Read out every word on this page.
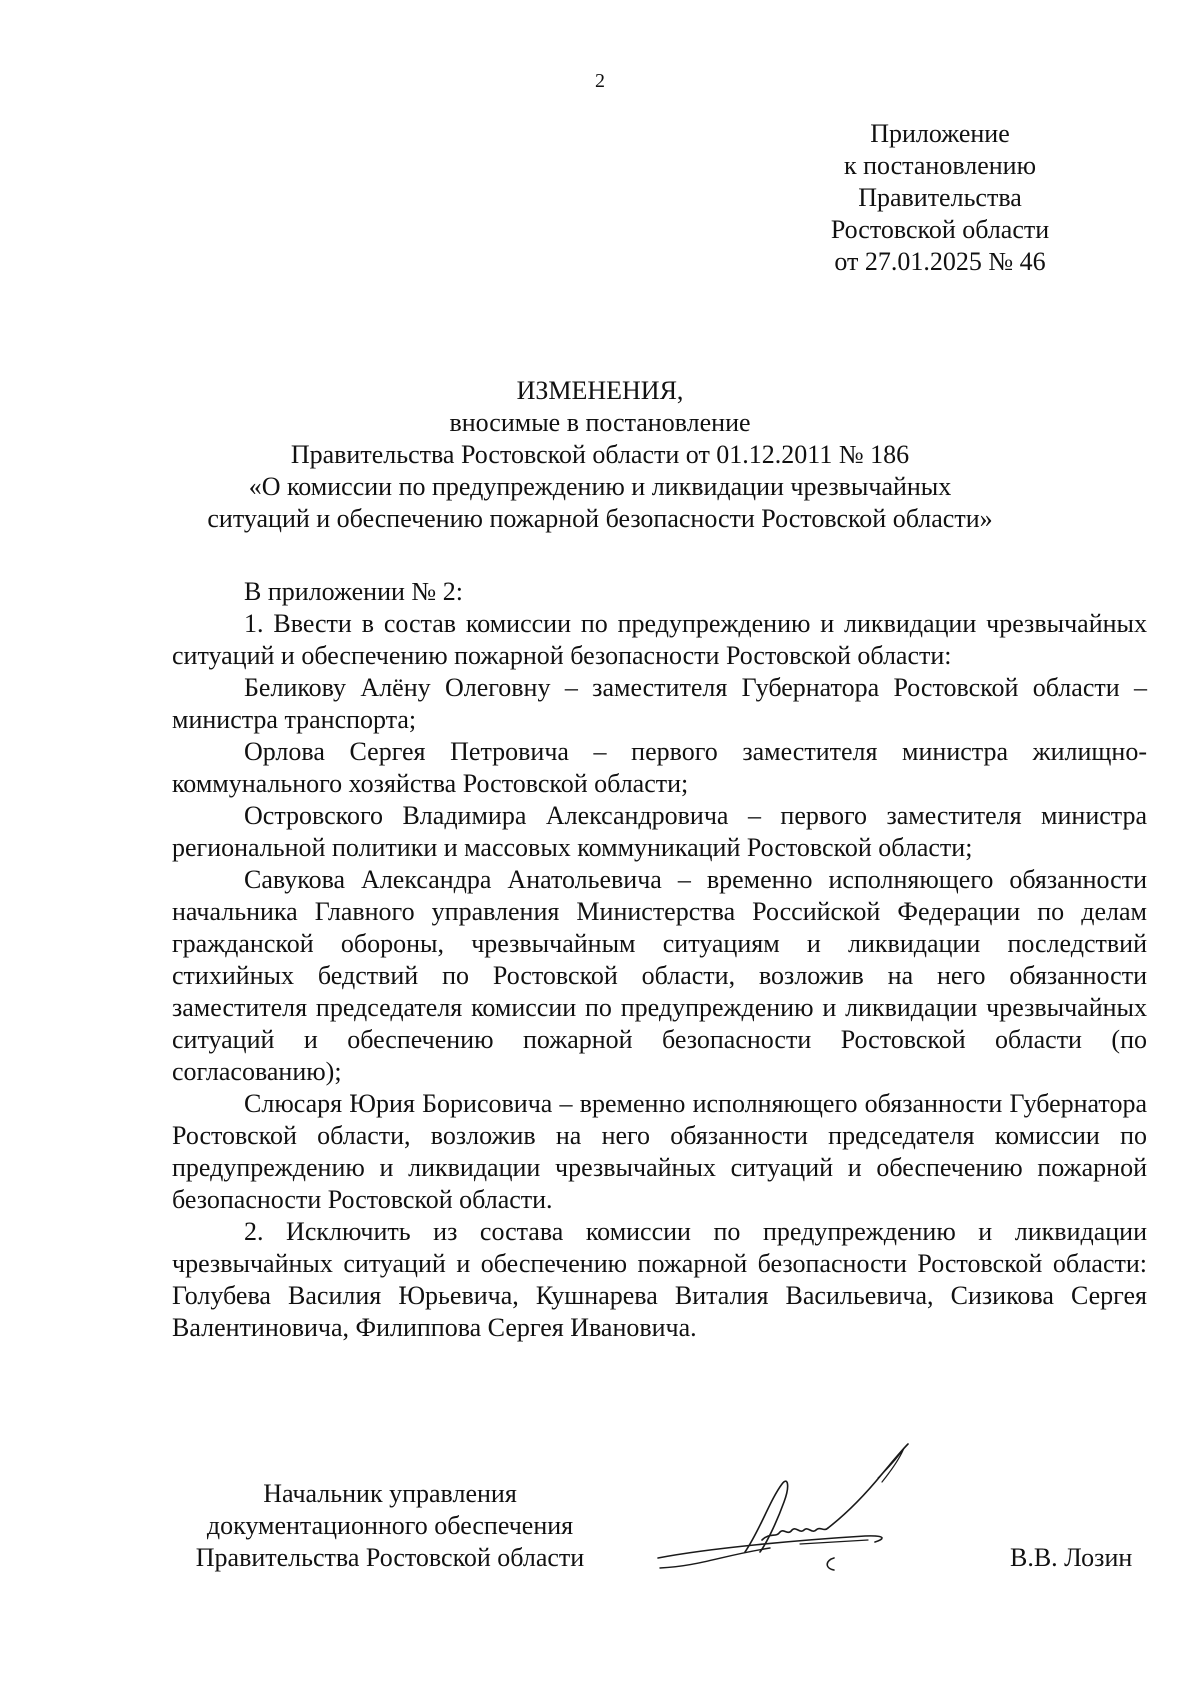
2
Приложение
к постановлению
Правительства
Ростовской области
от 27.01.2025 № 46
ИЗМЕНЕНИЯ,
вносимые в постановление
Правительства Ростовской области от 01.12.2011 № 186
«О комиссии по предупреждению и ликвидации чрезвычайных
ситуаций и обеспечению пожарной безопасности Ростовской области»

В приложении № 2:

1. Ввести в состав комиссии по предупреждению и ликвидации чрезвычайных ситуаций и обеспечению пожарной безопасности Ростовской области:

Беликову Алёну Олеговну – заместителя Губернатора Ростовской области – министра транспорта;

Орлова Сергея Петровича – первого заместителя министра жилищно-коммунального хозяйства Ростовской области;

Островского Владимира Александровича – первого заместителя министра региональной политики и массовых коммуникаций Ростовской области;

Савукова Александра Анатольевича – временно исполняющего обязанности начальника Главного управления Министерства Российской Федерации по делам гражданской обороны, чрезвычайным ситуациям и ликвидации последствий стихийных бедствий по Ростовской области, возложив на него обязанности заместителя председателя комиссии по предупреждению и ликвидации чрезвычайных ситуаций и обеспечению пожарной безопасности Ростовской области (по согласованию);

Слюсаря Юрия Борисовича – временно исполняющего обязанности Губернатора Ростовской области, возложив на него обязанности председателя комиссии по предупреждению и ликвидации чрезвычайных ситуаций и обеспечению пожарной безопасности Ростовской области.

2. Исключить из состава комиссии по предупреждению и ликвидации чрезвычайных ситуаций и обеспечению пожарной безопасности Ростовской области: Голубева Василия Юрьевича, Кушнарева Виталия Васильевича, Сизикова Сергея Валентиновича, Филиппова Сергея Ивановича.

Начальник управления
документационного обеспечения
Правительства Ростовской области	В.В. Лозин
